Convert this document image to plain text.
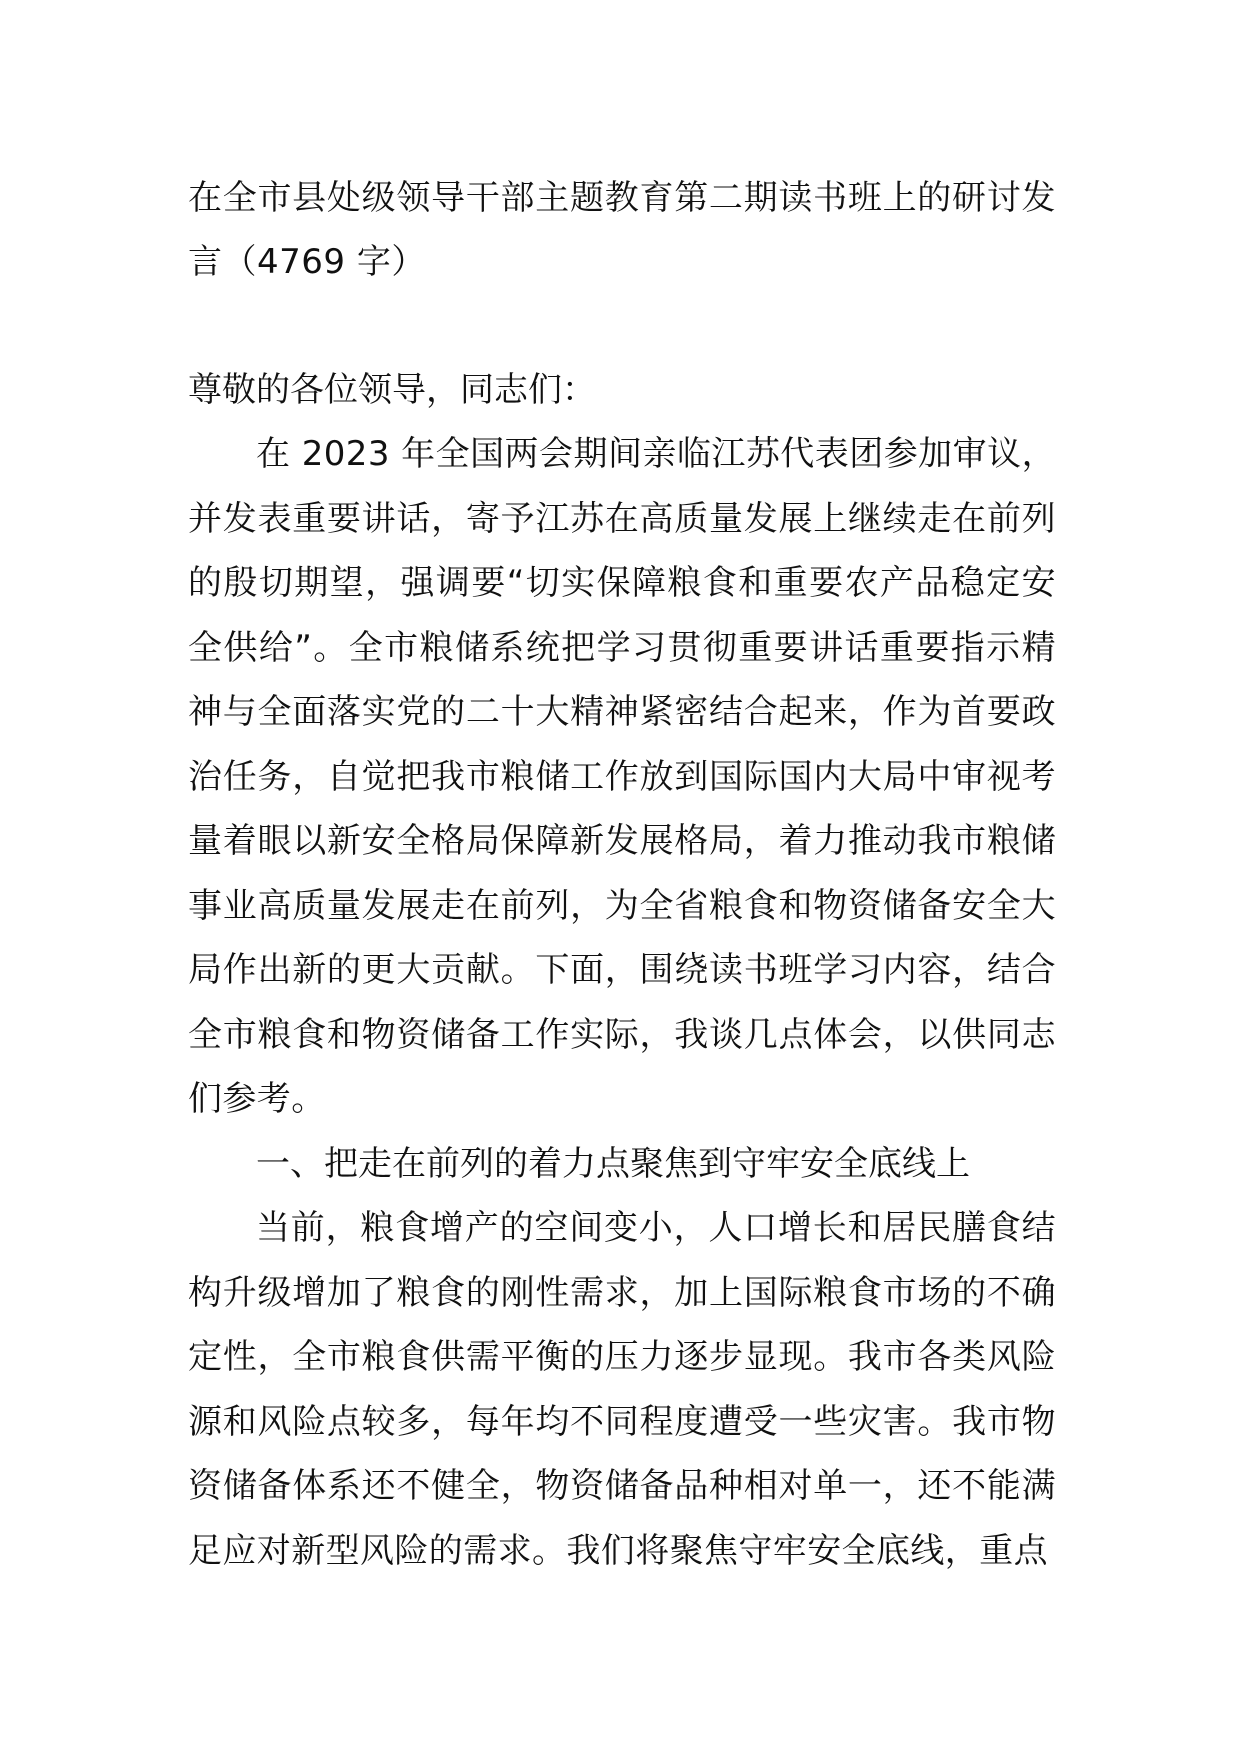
在全市县处级领导干部主题教育第二期读书班上的研讨发言（4769 字）

尊敬的各位领导，同志们：

在 2023 年全国两会期间亲临江苏代表团参加审议，并发表重要讲话，寄予江苏在高质量发展上继续走在前列的殷切期望，强调要“切实保障粮食和重要农产品稳定安全供给”。全市粮储系统把学习贯彻重要讲话重要指示精神与全面落实党的二十大精神紧密结合起来，作为首要政治任务，自觉把我市粮储工作放到国际国内大局中审视考量着眼以新安全格局保障新发展格局，着力推动我市粮储事业高质量发展走在前列，为全省粮食和物资储备安全大局作出新的更大贡献。下面，围绕读书班学习内容，结合全市粮食和物资储备工作实际，我谈几点体会，以供同志们参考。

一、把走在前列的着力点聚焦到守牢安全底线上

当前，粮食增产的空间变小，人口增长和居民膳食结构升级增加了粮食的刚性需求，加上国际粮食市场的不确定性，全市粮食供需平衡的压力逐步显现。我市各类风险源和风险点较多，每年均不同程度遭受一些灾害。我市物资储备体系还不健全，物资储备品种相对单一，还不能满足应对新型风险的需求。我们将聚焦守牢安全底线，重点
